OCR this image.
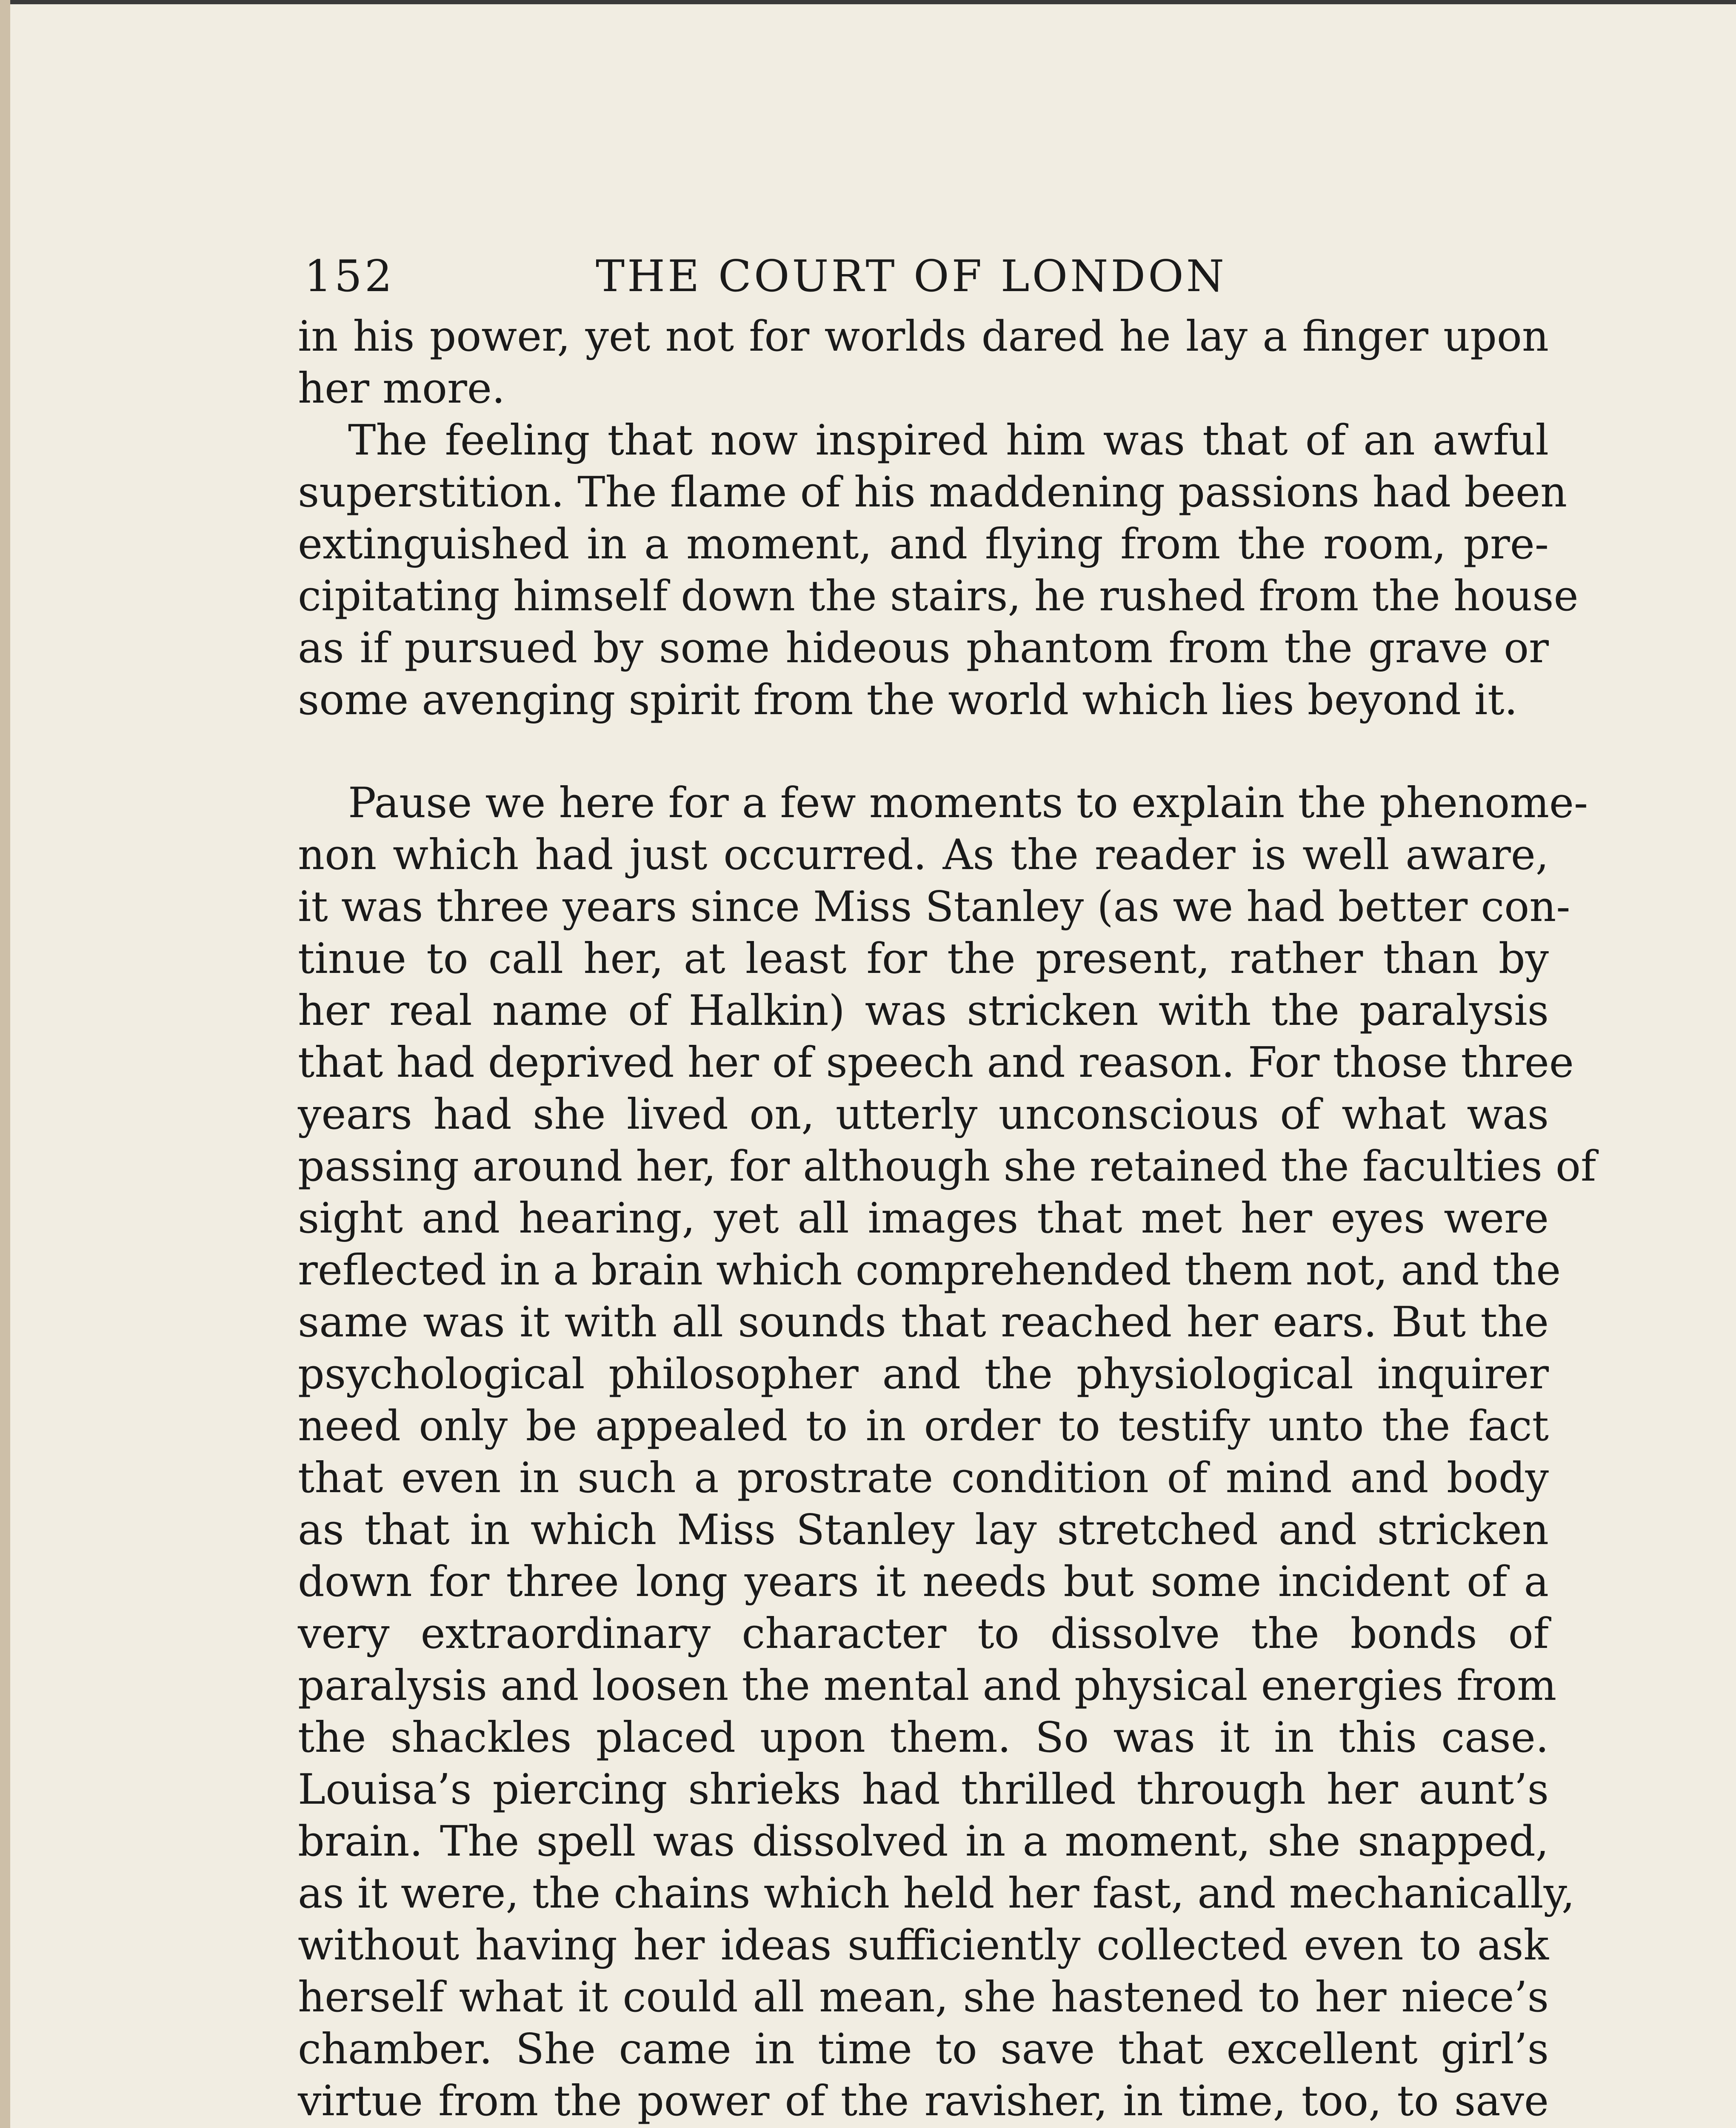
152	THE COURT OF LONDON

in his power, yet not for worlds dared he lay a finger upon
her more.

The feeling that now inspired him was that of an awful
superstition. The flame of his maddening passions had been
extinguished in a moment, and flying from the room, pre-
cipitating himself down the stairs, he rushed from the house
as if pursued by some hideous phantom from the grave or
some avenging spirit from the world which lies beyond it.

Pause we here for a few moments to explain the phenome-
non which had just occurred. As the reader is well aware,
it was three years since Miss Stanley (as we had better con-
tinue to call her, at least for the present, rather than by
her real name of Halkin) was stricken with the paralysis
that had deprived her of speech and reason. For those three
years had she lived on, utterly unconscious of what was
passing around her, for although she retained the faculties of
sight and hearing, yet all images that met her eyes were
reflected in a brain which comprehended them not, and the
same was it with all sounds that reached her ears. But the
psychological philosopher and the physiological inquirer
need only be appealed to in order to testify unto the fact
that even in such a prostrate condition of mind and body
as that in which Miss Stanley lay stretched and stricken
down for three long years it needs but some incident of a
very extraordinary character to dissolve the bonds of
paralysis and loosen the mental and physical energies from
the shackles placed upon them. So was it in this case.
Louisa’s piercing shrieks had thrilled through her aunt’s
brain. The spell was dissolved in a moment, she snapped,
as it were, the chains which held her fast, and mechanically,
without having her ideas sufficiently collected even to ask
herself what it could all mean, she hastened to her niece’s
chamber. She came in time to save that excellent girl’s
virtue from the power of the ravisher, in time, too, to save
